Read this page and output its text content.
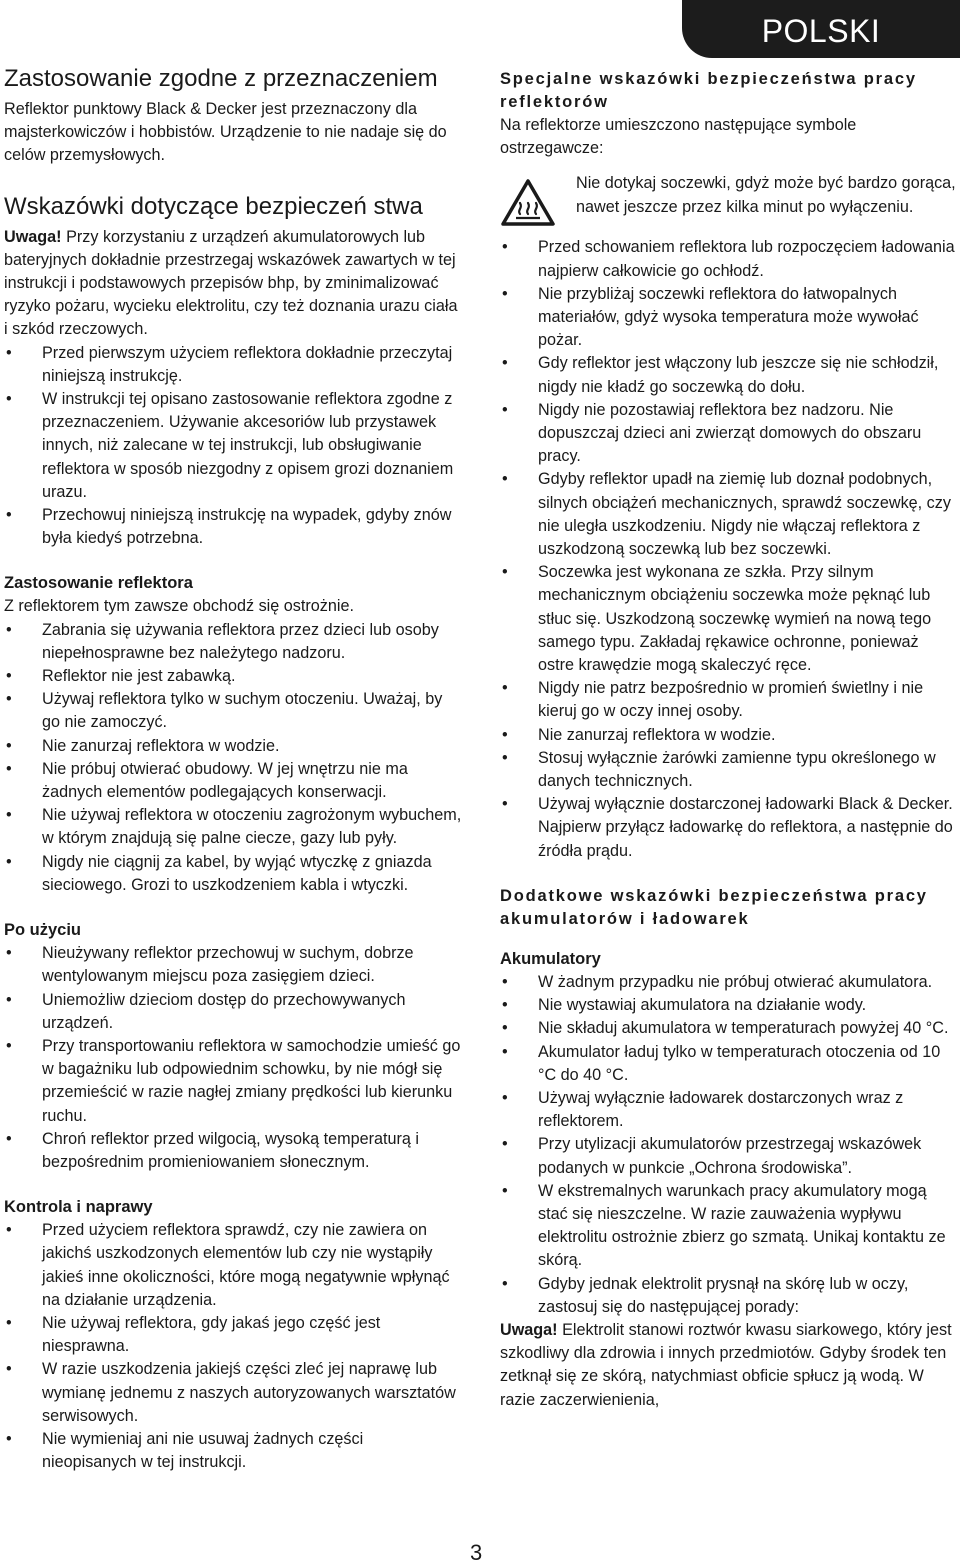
POLSKI
Zastosowanie zgodne z przeznaczeniem

Reflektor punktowy Black & Decker jest przeznaczony dla majsterkowiczów i hobbistów. Urządzenie to nie nadaje się do celów przemysłowych.

Wskazówki dotyczące bezpieczeń stwa

Uwaga! Przy korzystaniu z urządzeń akumulatorowych lub bateryjnych dokładnie przestrzegaj wskazówek zawartych w tej instrukcji i podstawowych przepisów bhp, by zminimalizować ryzyko pożaru, wycieku elektrolitu, czy też doznania urazu ciała i szkód rzeczowych.

• Przed pierwszym użyciem reflektora dokładnie przeczytaj niniejszą instrukcję.
• W instrukcji tej opisano zastosowanie reflektora zgodne z przeznaczeniem. Używanie akcesoriów lub przystawek innych, niż zalecane w tej instrukcji, lub obsługiwanie reflektora w sposób niezgodny z opisem grozi doznaniem urazu.
• Przechowuj niniejszą instrukcję na wypadek, gdyby znów była kiedyś potrzebna.
Zastosowanie reflektora

Z reflektorem tym zawsze obchodź się ostrożnie.

• Zabrania się używania reflektora przez dzieci lub osoby niepełnosprawne bez należytego nadzoru.
• Reflektor nie jest zabawką.
• Używaj reflektora tylko w suchym otoczeniu. Uważaj, by go nie zamoczyć.
• Nie zanurzaj reflektora w wodzie.
• Nie próbuj otwierać obudowy. W jej wnętrzu nie ma żadnych elementów podlegających konserwacji.
• Nie używaj reflektora w otoczeniu zagrożonym wybuchem, w którym znajdują się palne ciecze, gazy lub pyły.
• Nigdy nie ciągnij za kabel, by wyjąć wtyczkę z gniazda sieciowego. Grozi to uszkodzeniem kabla i wtyczki.
Po użyciu
• Nieużywany reflektor przechowuj w suchym, dobrze wentylowanym miejscu poza zasięgiem dzieci.
• Uniemożliw dzieciom dostęp do przechowywanych urządzeń.
• Przy transportowaniu reflektora w samochodzie umieść go w bagażniku lub odpowiednim schowku, by nie mógł się przemieścić w razie nagłej zmiany prędkości lub kierunku ruchu.
• Chroń reflektor przed wilgocią, wysoką temperaturą i bezpośrednim promieniowaniem słonecznym.
Kontrola i naprawy
• Przed użyciem reflektora sprawdź, czy nie zawiera on jakichś uszkodzonych elementów lub czy nie wystąpiły jakieś inne okoliczności, które mogą negatywnie wpłynąć na działanie urządzenia.
• Nie używaj reflektora, gdy jakaś jego część jest niesprawna.
• W razie uszkodzenia jakiejś części zleć jej naprawę lub wymianę jednemu z naszych autoryzowanych warsztatów serwisowych.
• Nie wymieniaj ani nie usuwaj żadnych części nieopisanych w tej instrukcji.
Specjalne wskazówki bezpieczeństwa pracy reflektorów

Na reflektorze umieszczono następujące symbole ostrzegawcze:

Nie dotykaj soczewki, gdyż może być bardzo gorąca, nawet jeszcze przez kilka minut po wyłączeniu.

• Przed schowaniem reflektora lub rozpoczęciem ładowania najpierw całkowicie go ochłodź.
• Nie przybliżaj soczewki reflektora do łatwopalnych materiałów, gdyż wysoka temperatura może wywołać pożar.
• Gdy reflektor jest włączony lub jeszcze się nie schłodził, nigdy nie kładź go soczewką do dołu.
• Nigdy nie pozostawiaj reflektora bez nadzoru. Nie dopuszczaj dzieci ani zwierząt domowych do obszaru pracy.
• Gdyby reflektor upadł na ziemię lub doznał podobnych, silnych obciążeń mechanicznych, sprawdź soczewkę, czy nie uległa uszkodzeniu. Nigdy nie włączaj reflektora z uszkodzoną soczewką lub bez soczewki.
• Soczewka jest wykonana ze szkła. Przy silnym mechanicznym obciążeniu soczewka może pęknąć lub stłuc się. Uszkodzoną soczewkę wymień na nową tego samego typu. Zakładaj rękawice ochronne, ponieważ ostre krawędzie mogą skaleczyć ręce.
• Nigdy nie patrz bezpośrednio w promień świetlny i nie kieruj go w oczy innej osoby.
• Nie zanurzaj reflektora w wodzie.
• Stosuj wyłącznie żarówki zamienne typu określonego w danych technicznych.
• Używaj wyłącznie dostarczonej ładowarki Black & Decker. Najpierw przyłącz ładowarkę do reflektora, a następnie do źródła prądu.
Dodatkowe wskazówki bezpieczeństwa pracy akumulatorów i ładowarek
Akumulatory
• W żadnym przypadku nie próbuj otwierać akumulatora.
• Nie wystawiaj akumulatora na działanie wody.
• Nie składuj akumulatora w temperaturach powyżej 40 °C.
• Akumulator ładuj tylko w temperaturach otoczenia od 10 °C do 40 °C.
• Używaj wyłącznie ładowarek dostarczonych wraz z reflektorem.
• Przy utylizacji akumulatorów przestrzegaj wskazówek podanych w punkcie „Ochrona środowiska”.
• W ekstremalnych warunkach pracy akumulatory mogą stać się nieszczelne. W razie zauważenia wypływu elektrolitu ostrożnie zbierz go szmatą. Unikaj kontaktu ze skórą.
• Gdyby jednak elektrolit prysnął na skórę lub w oczy, zastosuj się do następującej porady:

Uwaga! Elektrolit stanowi roztwór kwasu siarkowego, który jest szkodliwy dla zdrowia i innych przedmiotów. Gdyby środek ten zetknął się ze skórą, natychmiast obficie spłucz ją wodą. W razie zaczerwienienia,

3
